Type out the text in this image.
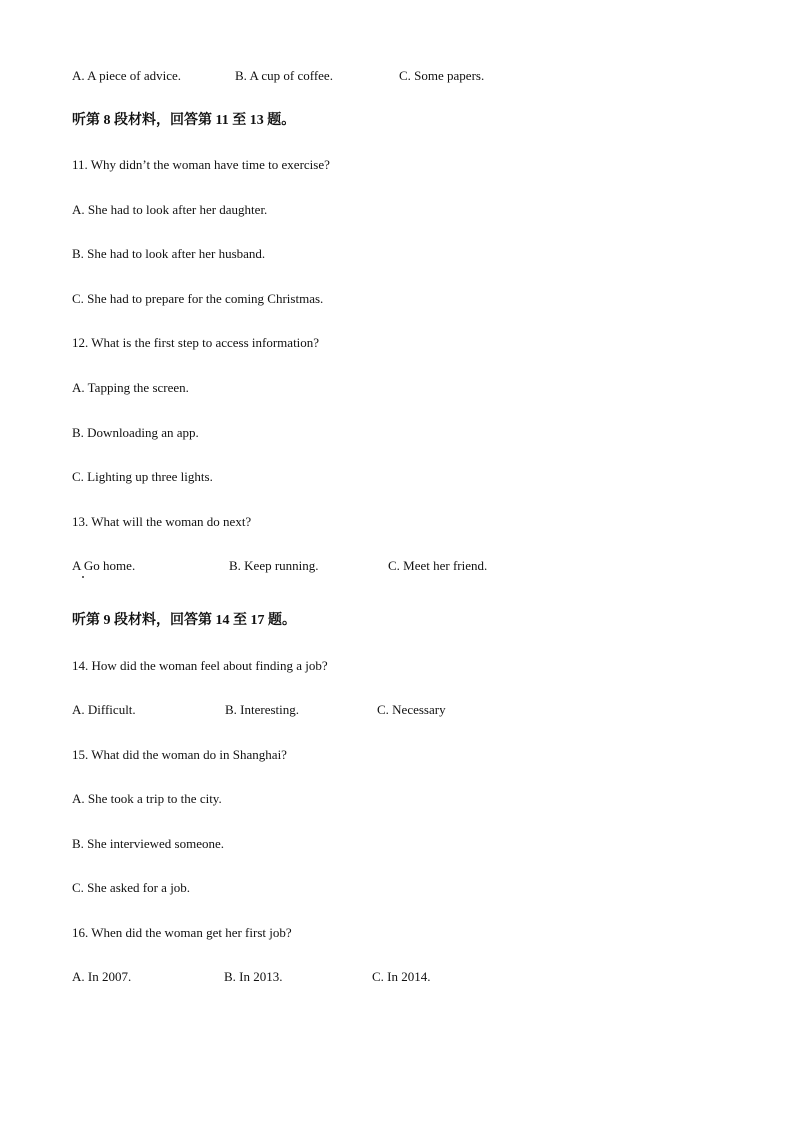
A. A piece of advice.	B. A cup of coffee.	C. Some papers.
听第 8 段材料，回答第 11 至 13 题。
11. Why didn’t the woman have time to exercise?
A. She had to look after her daughter.
B. She had to look after her husband.
C. She had to prepare for the coming Christmas.
12. What is the first step to access information?
A. Tapping the screen.
B. Downloading an app.
C. Lighting up three lights.
13. What will the woman do next?
A Go home.	B. Keep running.	C. Meet her friend.
听第 9 段材料，回答第 14 至 17 题。
14. How did the woman feel about finding a job?
A. Difficult.	B. Interesting.	C. Necessary
15. What did the woman do in Shanghai?
A. She took a trip to the city.
B. She interviewed someone.
C. She asked for a job.
16. When did the woman get her first job?
A. In 2007.	B. In 2013.	C. In 2014.
